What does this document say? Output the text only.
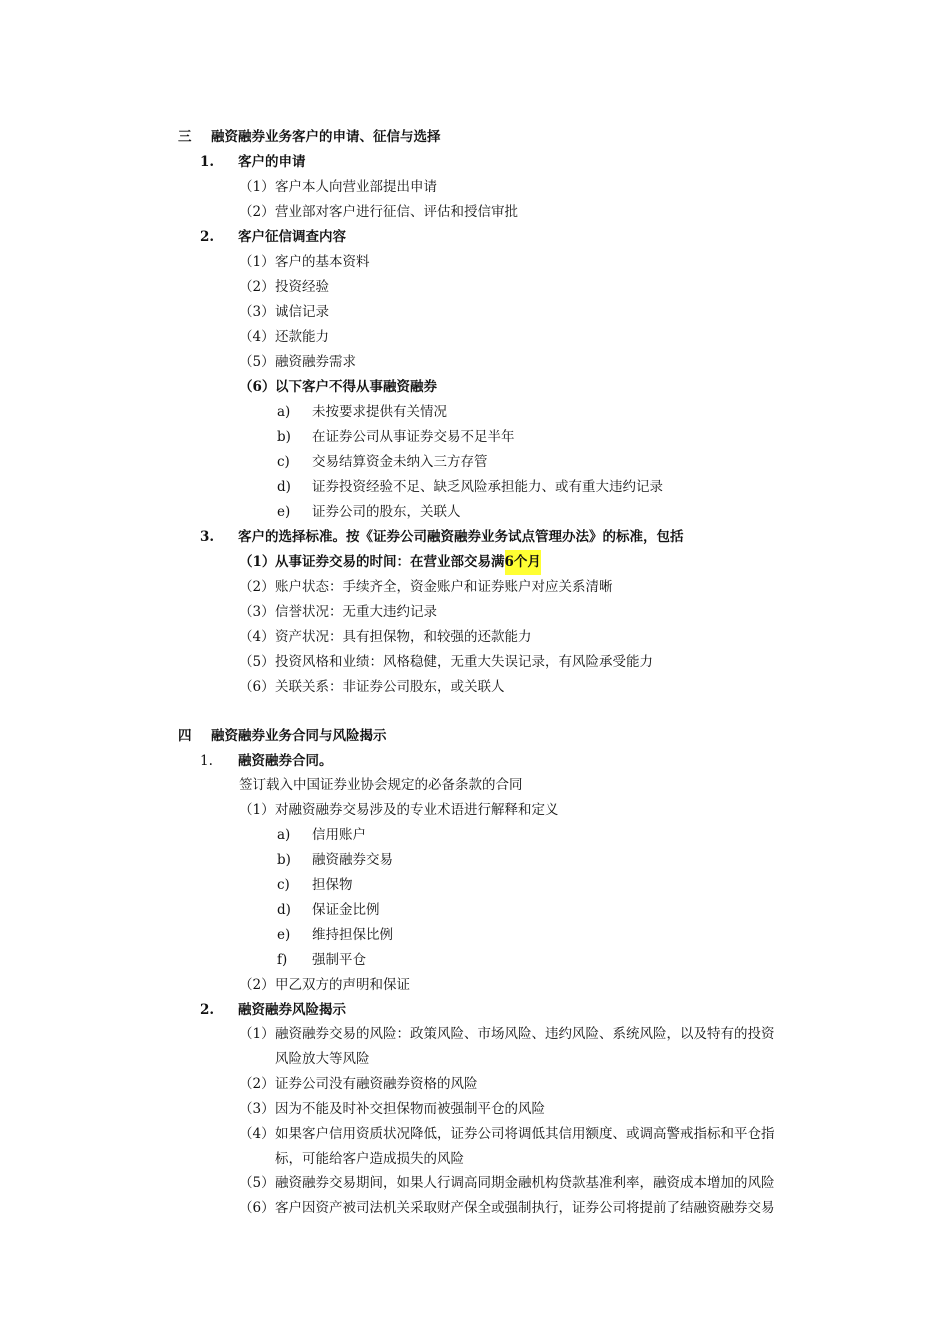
三 融资融券业务客户的申请、征信与选择
1. 客户的申请
（1）客户本人向营业部提出申请
（2）营业部对客户进行征信、评估和授信审批
2. 客户征信调查内容
（1）客户的基本资料
（2）投资经验
（3）诚信记录
（4）还款能力
（5）融资融券需求
（6）以下客户不得从事融资融券
a) 未按要求提供有关情况
b) 在证券公司从事证券交易不足半年
c) 交易结算资金未纳入三方存管
d) 证券投资经验不足、缺乏风险承担能力、或有重大违约记录
e) 证券公司的股东，关联人
3. 客户的选择标准。按《证券公司融资融券业务试点管理办法》的标准，包括
（1）从事证券交易的时间：在营业部交易满6个月
（2）账户状态：手续齐全，资金账户和证券账户对应关系清晰
（3）信誉状况：无重大违约记录
（4）资产状况：具有担保物，和较强的还款能力
（5）投资风格和业绩：风格稳健，无重大失误记录，有风险承受能力
（6）关联关系：非证券公司股东，或关联人
四 融资融券业务合同与风险揭示
1. 融资融券合同。
签订载入中国证券业协会规定的必备条款的合同
（1）对融资融券交易涉及的专业术语进行解释和定义
a) 信用账户
b) 融资融券交易
c) 担保物
d) 保证金比例
e) 维持担保比例
f) 强制平仓
（2）甲乙双方的声明和保证
2. 融资融券风险揭示
（1）融资融券交易的风险：政策风险、市场风险、违约风险、系统风险，以及特有的投资
风险放大等风险
（2）证券公司没有融资融券资格的风险
（3）因为不能及时补交担保物而被强制平仓的风险
（4）如果客户信用资质状况降低，证券公司将调低其信用额度、或调高警戒指标和平仓指
标，可能给客户造成损失的风险
（5）融资融券交易期间，如果人行调高同期金融机构贷款基准利率，融资成本增加的风险
（6）客户因资产被司法机关采取财产保全或强制执行，证券公司将提前了结融资融券交易
